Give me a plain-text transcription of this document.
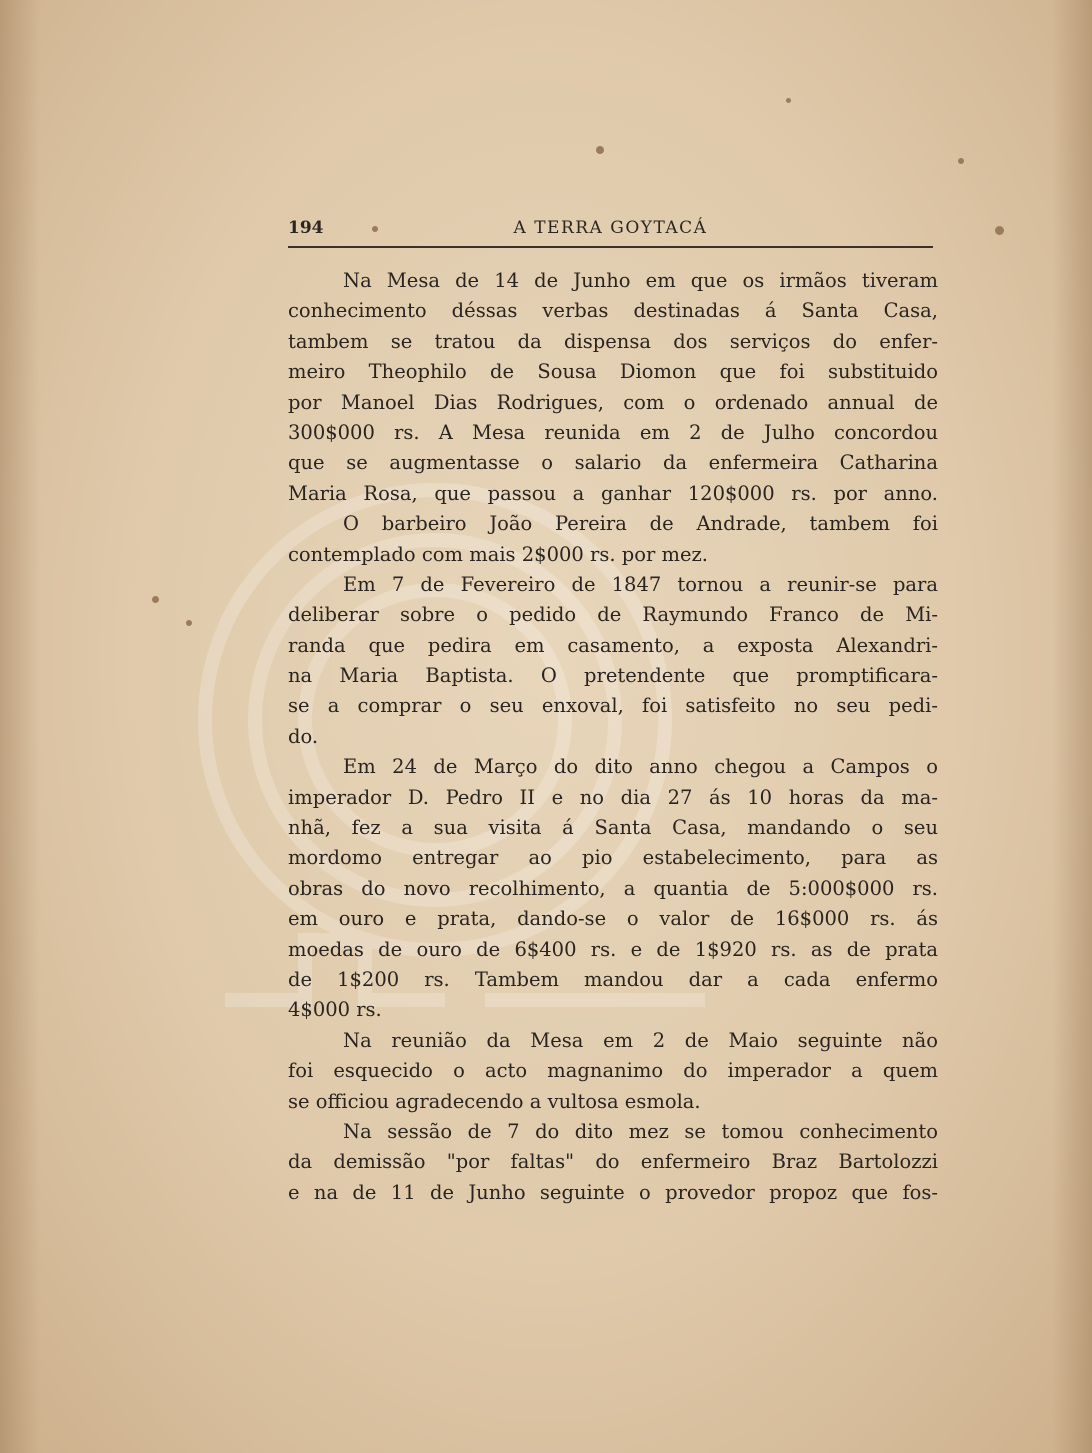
194	A TERRA GOYTACÁ
Na Mesa de 14 de Junho em que os irmãos tiveram
conhecimento déssas verbas destinadas á Santa Casa,
tambem se tratou da dispensa dos serviços do enfer-
meiro Theophilo de Sousa Diomon que foi substituido
por Manoel Dias Rodrigues, com o ordenado annual de
300$000 rs. A Mesa reunida em 2 de Julho concordou
que se augmentasse o salario da enfermeira Catharina
Maria Rosa, que passou a ganhar 120$000 rs. por anno.
O barbeiro João Pereira de Andrade, tambem foi
contemplado com mais 2$000 rs. por mez.
Em 7 de Fevereiro de 1847 tornou a reunir-se para
deliberar sobre o pedido de Raymundo Franco de Mi-
randa que pedira em casamento, a exposta Alexandri-
na Maria Baptista. O pretendente que promptificara-
se a comprar o seu enxoval, foi satisfeito no seu pedi-
do.
Em 24 de Março do dito anno chegou a Campos o
imperador D. Pedro II e no dia 27 ás 10 horas da ma-
nhã, fez a sua visita á Santa Casa, mandando o seu
mordomo entregar ao pio estabelecimento, para as
obras do novo recolhimento, a quantia de 5:000$000 rs.
em ouro e prata, dando-se o valor de 16$000 rs. ás
moedas de ouro de 6$400 rs. e de 1$920 rs. as de prata
de 1$200 rs. Tambem mandou dar a cada enfermo
4$000 rs.
Na reunião da Mesa em 2 de Maio seguinte não
foi esquecido o acto magnanimo do imperador a quem
se officiou agradecendo a vultosa esmola.
Na sessão de 7 do dito mez se tomou conhecimento
da demissão "por faltas" do enfermeiro Braz Bartolozzi
e na de 11 de Junho seguinte o provedor propoz que fos-
